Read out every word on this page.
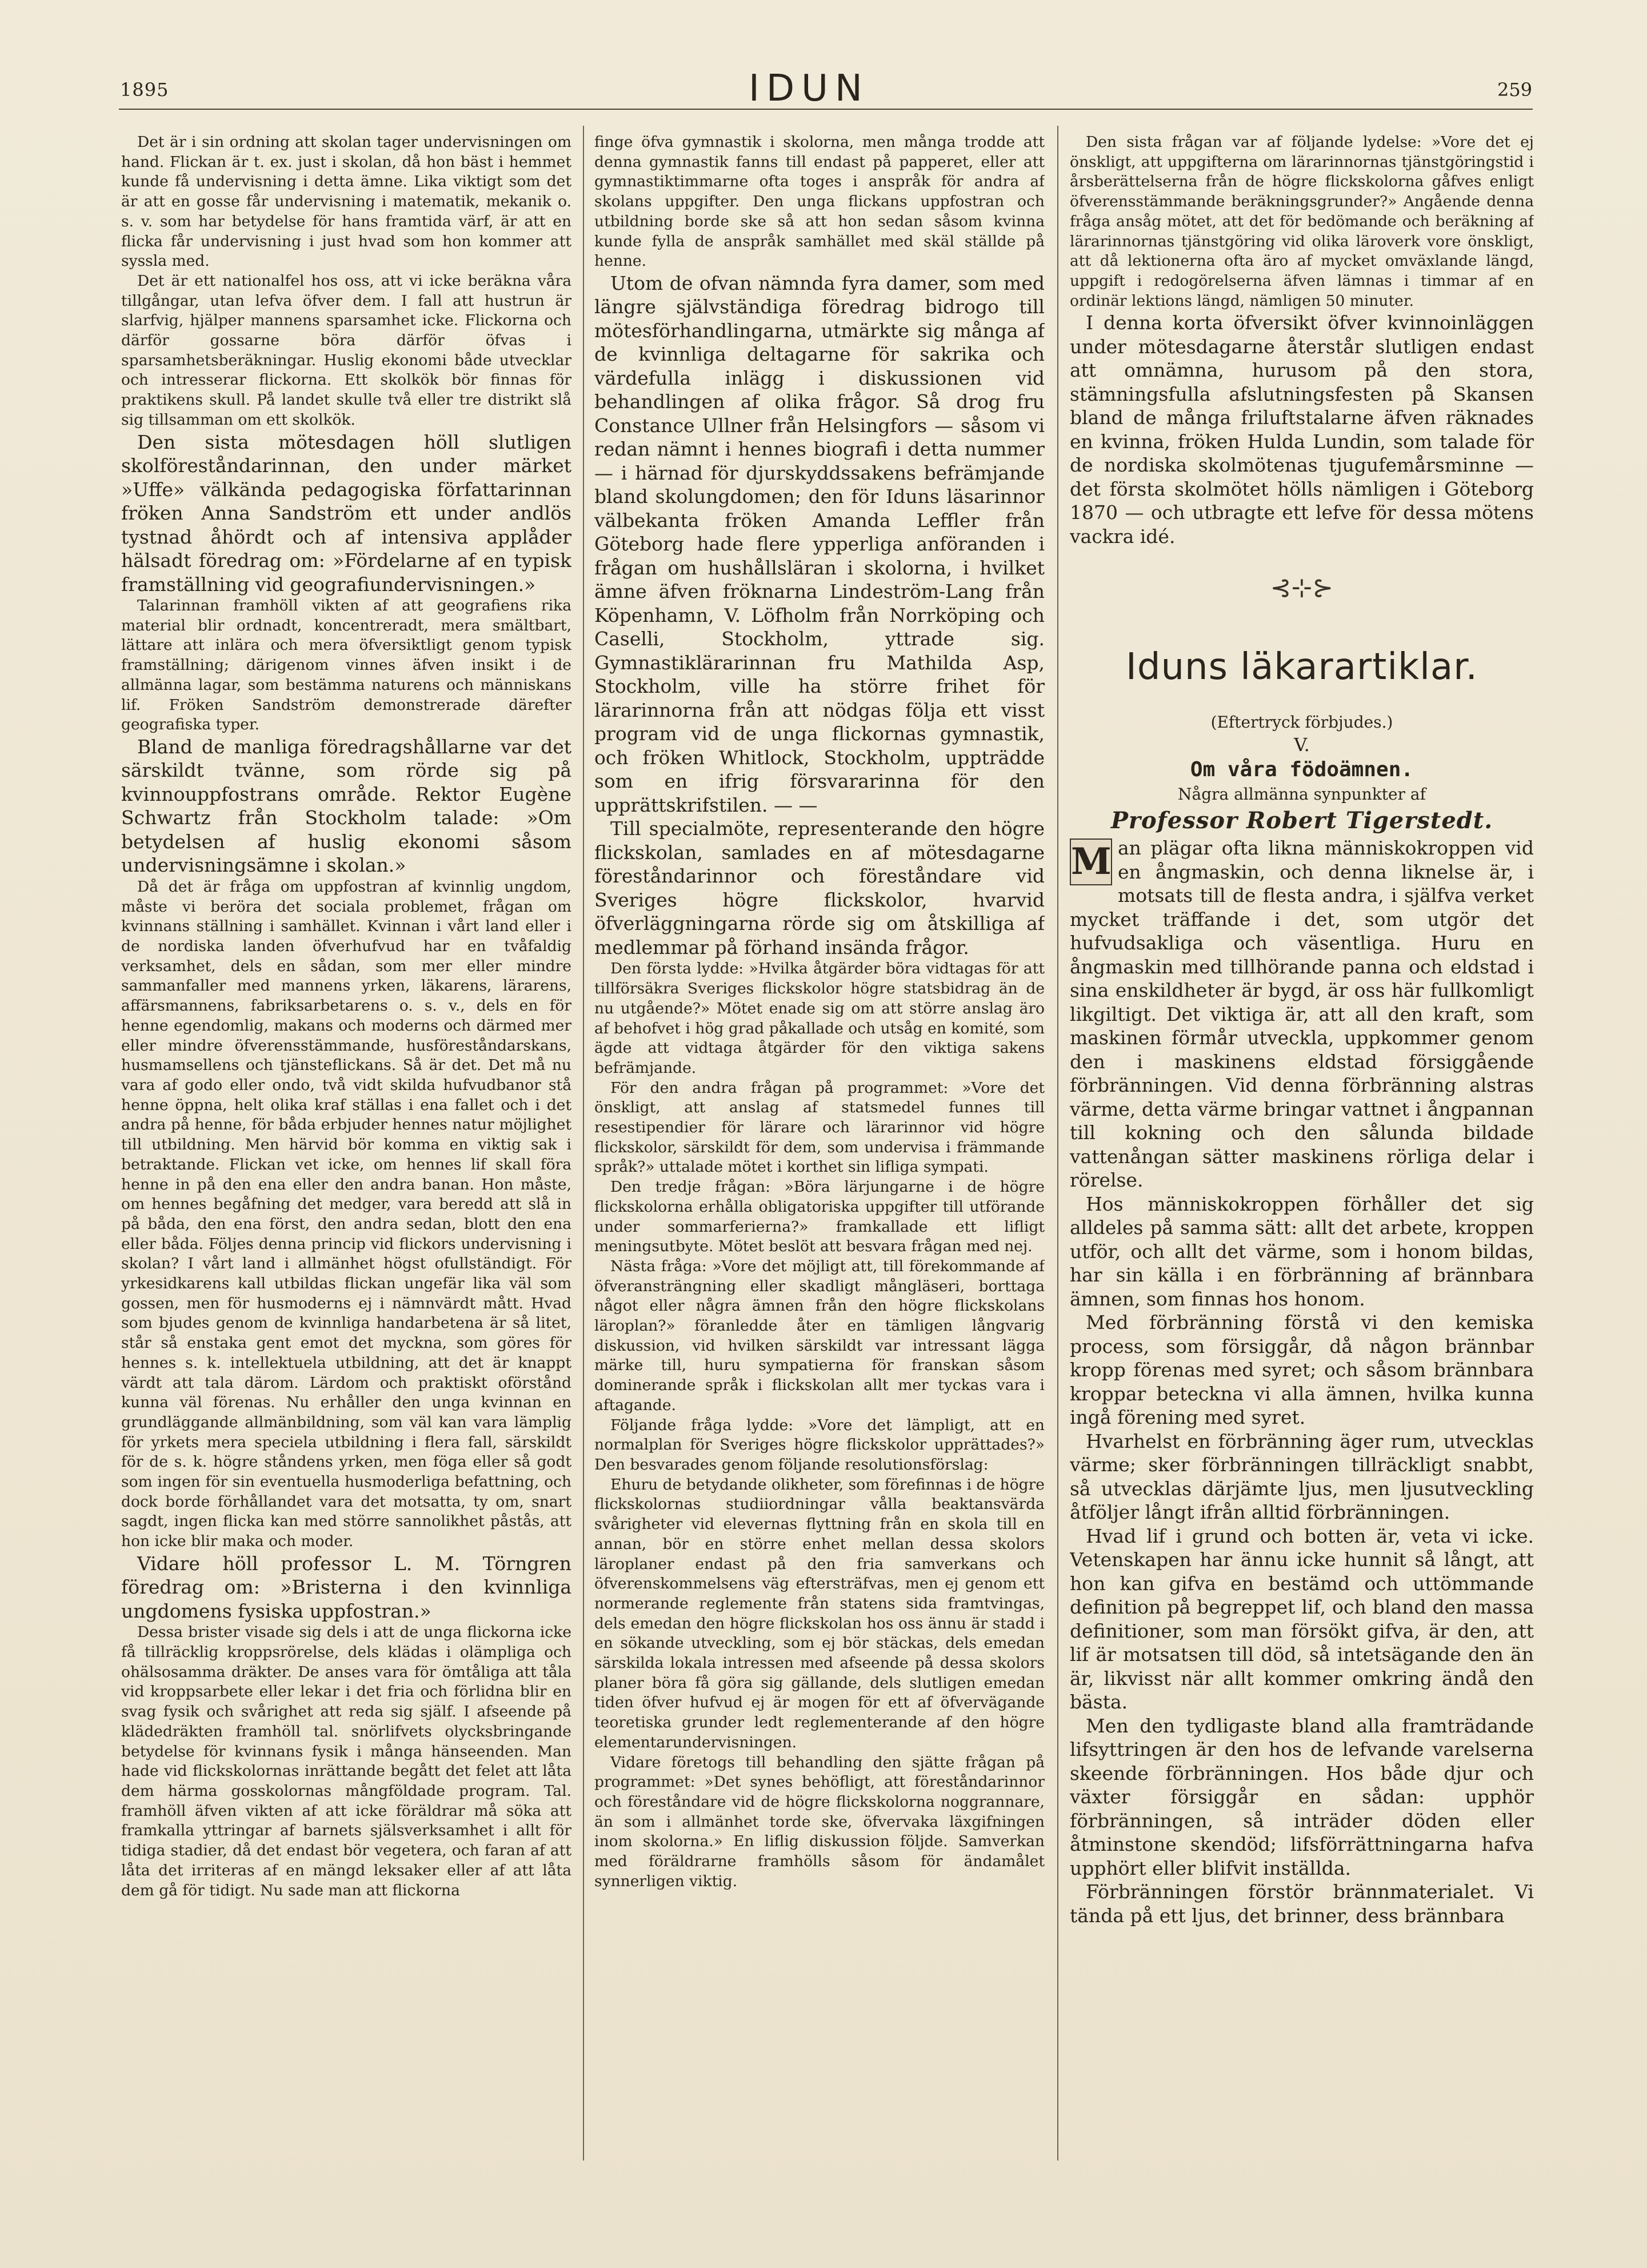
1895	IDUN	259

Det är i sin ordning att skolan tager undervisningen om hand. Flickan är t. ex. just i skolan, då hon bäst i hemmet kunde få undervisning i detta ämne. Lika viktigt som det är att en gosse får undervisning i matematik, mekanik o. s. v. som har betydelse för hans framtida värf, är att en flicka får undervisning i just hvad som hon kommer att syssla med.

Det är ett nationalfel hos oss, att vi icke beräkna våra tillgångar, utan lefva öfver dem. I fall att hustrun är slarfvig, hjälper mannens sparsamhet icke. Flickorna och därför gossarne böra därför öfvas i sparsamhetsberäkningar. Huslig ekonomi både utvecklar och intresserar flickorna. Ett skolkök bör finnas för praktikens skull. På landet skulle två eller tre distrikt slå sig tillsamman om ett skolkök.

Den sista mötesdagen höll slutligen skolföreståndarinnan, den under märket »Uffe» välkända pedagogiska författarinnan fröken Anna Sandström ett under andlös tystnad åhördt och af intensiva applåder hälsadt föredrag om: »Fördelarne af en typisk framställning vid geografiundervisningen.»

Talarinnan framhöll vikten af att geografiens rika material blir ordnadt, koncentreradt, mera smältbart, lättare att inlära och mera öfversiktligt genom typisk framställning; därigenom vinnes äfven insikt i de allmänna lagar, som bestämma naturens och människans lif. Fröken Sandström demonstrerade därefter geografiska typer.

Bland de manliga föredragshållarne var det särskildt tvänne, som rörde sig på kvinnouppfostrans område. Rektor Eugène Schwartz från Stockholm talade: »Om betydelsen af huslig ekonomi såsom undervisningsämne i skolan.»

Då det är fråga om uppfostran af kvinnlig ungdom, måste vi beröra det sociala problemet, frågan om kvinnans ställning i samhället. Kvinnan i vårt land eller i de nordiska landen öfverhufvud har en tvåfaldig verksamhet, dels en sådan, som mer eller mindre sammanfaller med mannens yrken, läkarens, lärarens, affärsmannens, fabriksarbetarens o. s. v., dels en för henne egendomlig, makans och moderns och därmed mer eller mindre öfverensstämmande, husföreståndarskans, husmamsellens och tjänsteflickans. Så är det. Det må nu vara af godo eller ondo, två vidt skilda hufvudbanor stå henne öppna, helt olika kraf ställas i ena fallet och i det andra på henne, för båda erbjuder hennes natur möjlighet till utbildning. Men härvid bör komma en viktig sak i betraktande. Flickan vet icke, om hennes lif skall föra henne in på den ena eller den andra banan. Hon måste, om hennes begåfning det medger, vara beredd att slå in på båda, den ena först, den andra sedan, blott den ena eller båda. Följes denna princip vid flickors undervisning i skolan? I vårt land i allmänhet högst ofullständigt. För yrkesidkarens kall utbildas flickan ungefär lika väl som gossen, men för husmoderns ej i nämnvärdt mått. Hvad som bjudes genom de kvinnliga handarbetena är så litet, står så enstaka gent emot det myckna, som göres för hennes s. k. intellektuela utbildning, att det är knappt värdt att tala därom. Lärdom och praktiskt oförstånd kunna väl förenas. Nu erhåller den unga kvinnan en grundläggande allmänbildning, som väl kan vara lämplig för yrkets mera speciela utbildning i flera fall, särskildt för de s. k. högre ståndens yrken, men föga eller så godt som ingen för sin eventuella husmoderliga befattning, och dock borde förhållandet vara det motsatta, ty om, snart sagdt, ingen flicka kan med större sannolikhet påstås, att hon icke blir maka och moder.

Vidare höll professor L. M. Törngren föredrag om: »Bristerna i den kvinnliga ungdomens fysiska uppfostran.»

Dessa brister visade sig dels i att de unga flickorna icke få tillräcklig kroppsrörelse, dels klädas i olämpliga och ohälsosamma dräkter. De anses vara för ömtåliga att tåla vid kroppsarbete eller lekar i det fria och förlidna blir en svag fysik och svårighet att reda sig själf. I afseende på klädedräkten framhöll tal. snörlifvets olycksbringande betydelse för kvinnans fysik i många hänseenden. Man hade vid flickskolornas inrättande begått det felet att låta dem härma gosskolornas mångföldade program. Tal. framhöll äfven vikten af att icke föräldrar må söka att framkalla yttringar af barnets själsverksamhet i allt för tidiga stadier, då det endast bör vegetera, och faran af att låta det irriteras af en mängd leksaker eller af att låta dem gå för tidigt. Nu sade man att flickorna

finge öfva gymnastik i skolorna, men många trodde att denna gymnastik fanns till endast på papperet, eller att gymnastiktimmarne ofta toges i anspråk för andra af skolans uppgifter. Den unga flickans uppfostran och utbildning borde ske så att hon sedan såsom kvinna kunde fylla de anspråk samhället med skäl ställde på henne.

Utom de ofvan nämnda fyra damer, som med längre självständiga föredrag bidrogo till mötesförhandlingarna, utmärkte sig många af de kvinnliga deltagarne för sakrika och värdefulla inlägg i diskussionen vid behandlingen af olika frågor. Så drog fru Constance Ullner från Helsingfors — såsom vi redan nämnt i hennes biografi i detta nummer — i härnad för djurskyddssakens befrämjande bland skolungdomen; den för Iduns läsarinnor välbekanta fröken Amanda Leffler från Göteborg hade flere ypperliga anföranden i frågan om hushållsläran i skolorna, i hvilket ämne äfven fröknarna Lindeström-Lang från Köpenhamn, V. Löfholm från Norrköping och Caselli, Stockholm, yttrade sig. Gymnastiklärarinnan fru Mathilda Asp, Stockholm, ville ha större frihet för lärarinnorna från att nödgas följa ett visst program vid de unga flickornas gymnastik, och fröken Whitlock, Stockholm, uppträdde som en ifrig försvararinna för den upprättskrifstilen. — —

Till specialmöte, representerande den högre flickskolan, samlades en af mötesdagarne föreståndarinnor och föreståndare vid Sveriges högre flickskolor, hvarvid öfverläggningarna rörde sig om åtskilliga af medlemmar på förhand insända frågor.

Den första lydde: »Hvilka åtgärder böra vidtagas för att tillförsäkra Sveriges flickskolor högre statsbidrag än de nu utgående?» Mötet enade sig om att större anslag äro af behofvet i hög grad påkallade och utsåg en komité, som ägde att vidtaga åtgärder för den viktiga sakens befrämjande.

För den andra frågan på programmet: »Vore det önskligt, att anslag af statsmedel funnes till resestipendier för lärare och lärarinnor vid högre flickskolor, särskildt för dem, som undervisa i främmande språk?» uttalade mötet i korthet sin lifliga sympati.

Den tredje frågan: »Böra lärjungarne i de högre flickskolorna erhålla obligatoriska uppgifter till utförande under sommarferierna?» framkallade ett lifligt meningsutbyte. Mötet beslöt att besvara frågan med nej.

Nästa fråga: »Vore det möjligt att, till förekommande af öfveransträngning eller skadligt mångläseri, borttaga något eller några ämnen från den högre flickskolans läroplan?» föranledde åter en tämligen långvarig diskussion, vid hvilken särskildt var intressant lägga märke till, huru sympatierna för franskan såsom dominerande språk i flickskolan allt mer tyckas vara i aftagande.

Följande fråga lydde: »Vore det lämpligt, att en normalplan för Sveriges högre flickskolor upprättades?» Den besvarades genom följande resolutionsförslag:

Ehuru de betydande olikheter, som förefinnas i de högre flickskolornas studiiordningar vålla beaktansvärda svårigheter vid elevernas flyttning från en skola till en annan, bör en större enhet mellan dessa skolors läroplaner endast på den fria samverkans och öfverenskommelsens väg eftersträfvas, men ej genom ett normerande reglemente från statens sida framtvingas, dels emedan den högre flickskolan hos oss ännu är stadd i en sökande utveckling, som ej bör stäckas, dels emedan särskilda lokala intressen med afseende på dessa skolors planer böra få göra sig gällande, dels slutligen emedan tiden öfver hufvud ej är mogen för ett af öfvervägande teoretiska grunder ledt reglementerande af den högre elementarundervisningen.

Vidare företogs till behandling den sjätte frågan på programmet: »Det synes behöfligt, att föreståndarinnor och föreståndare vid de högre flickskolorna noggrannare, än som i allmänhet torde ske, öfvervaka läxgifningen inom skolorna.» En liflig diskussion följde. Samverkan med föräldrarne framhölls såsom för ändamålet synnerligen viktig.

Den sista frågan var af följande lydelse: »Vore det ej önskligt, att uppgifterna om lärarinnornas tjänstgöringstid i årsberättelserna från de högre flickskolorna gåfves enligt öfverensstämmande beräkningsgrunder?» Angående denna fråga ansåg mötet, att det för bedömande och beräkning af lärarinnornas tjänstgöring vid olika läroverk vore önskligt, att då lektionerna ofta äro af mycket omväxlande längd, uppgift i redogörelserna äfven lämnas i timmar af en ordinär lektions längd, nämligen 50 minuter.

I denna korta öfversikt öfver kvinnoinläggen under mötesdagarne återstår slutligen endast att omnämna, hurusom på den stora, stämningsfulla afslutningsfesten på Skansen bland de många friluftstalarne äfven räknades en kvinna, fröken Hulda Lundin, som talade för de nordiska skolmötenas tjugufemårsminne — det första skolmötet hölls nämligen i Göteborg 1870 — och utbragte ett lefve för dessa mötens vackra idé.

⊰⊹⊱
Iduns läkarartiklar.

(Eftertryck förbjudes.)

V.

Om våra födoämnen.

Några allmänna synpunkter af

Professor Robert Tigerstedt.

M an plägar ofta likna människokroppen vid en ångmaskin, och denna liknelse är, i motsats till de flesta andra, i själfva verket mycket träffande i det, som utgör det hufvudsakliga och väsentliga. Huru en ångmaskin med tillhörande panna och eldstad i sina enskildheter är bygd, är oss här fullkomligt likgiltigt. Det viktiga är, att all den kraft, som maskinen förmår utveckla, uppkommer genom den i maskinens eldstad försiggående förbränningen. Vid denna förbränning alstras värme, detta värme bringar vattnet i ångpannan till kokning och den sålunda bildade vattenångan sätter maskinens rörliga delar i rörelse.

Hos människokroppen förhåller det sig alldeles på samma sätt: allt det arbete, kroppen utför, och allt det värme, som i honom bildas, har sin källa i en förbränning af brännbara ämnen, som finnas hos honom.

Med förbränning förstå vi den kemiska process, som försiggår, då någon brännbar kropp förenas med syret; och såsom brännbara kroppar betecknа vi alla ämnen, hvilka kunna ingå förening med syret.

Hvarhelst en förbränning äger rum, utvecklas värme; sker förbränningen tillräckligt snabbt, så utvecklas därjämte ljus, men ljusutveckling åtföljer långt ifrån alltid förbränningen.

Hvad lif i grund och botten är, veta vi icke. Vetenskapen har ännu icke hunnit så långt, att hon kan gifva en bestämd och uttömmande definition på begreppet lif, och bland den massa definitioner, som man försökt gifva, är den, att lif är motsatsen till död, så intetsägande den än är, likvisst när allt kommer omkring ändå den bästa.

Men den tydligaste bland alla framträdande lifsyttringen är den hos de lefvande varelserna skeende förbränningen. Hos både djur och växter försiggår en sådan: upphör förbränningen, så inträder döden eller åtminstone skendöd; lifsförrättningarna hafva upphört eller blifvit inställda.

Förbränningen förstör brännmaterialet. Vi tända på ett ljus, det brinner, dess brännbara
